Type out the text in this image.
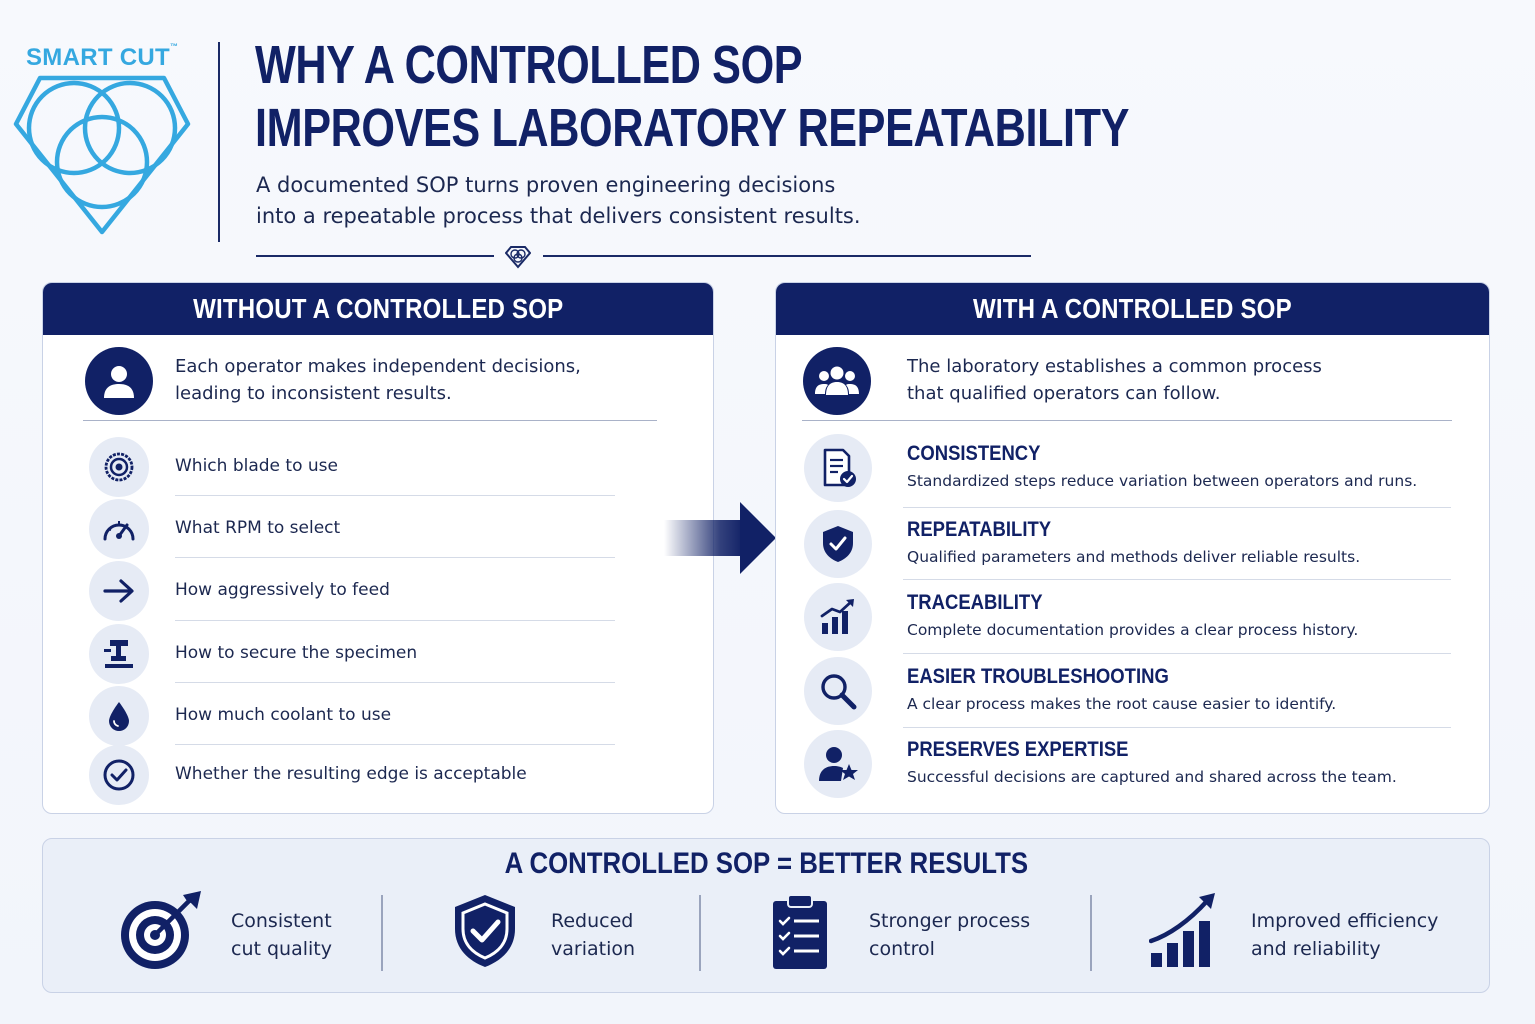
SMART CUT™	WHY A CONTROLLED SOP
IMPROVES LABORATORY REPEATABILITY
A documented SOP turns proven engineering decisions
into a repeatable process that delivers consistent results.
WITHOUT A CONTROLLED SOP
Each operator makes independent decisions,
leading to inconsistent results.
Which blade to use
What RPM to select
How aggressively to feed
How to secure the specimen
How much coolant to use
Whether the resulting edge is acceptable
WITH A CONTROLLED SOP
The laboratory establishes a common process
that qualified operators can follow.
CONSISTENCY
Standardized steps reduce variation between operators and runs.
REPEATABILITY
Qualified parameters and methods deliver reliable results.
TRACEABILITY
Complete documentation provides a clear process history.
EASIER TROUBLESHOOTING
A clear process makes the root cause easier to identify.
PRESERVES EXPERTISE
Successful decisions are captured and shared across the team.
A CONTROLLED SOP = BETTER RESULTS
Consistent
cut quality
Reduced
variation
Stronger process
control
Improved efficiency
and reliability
